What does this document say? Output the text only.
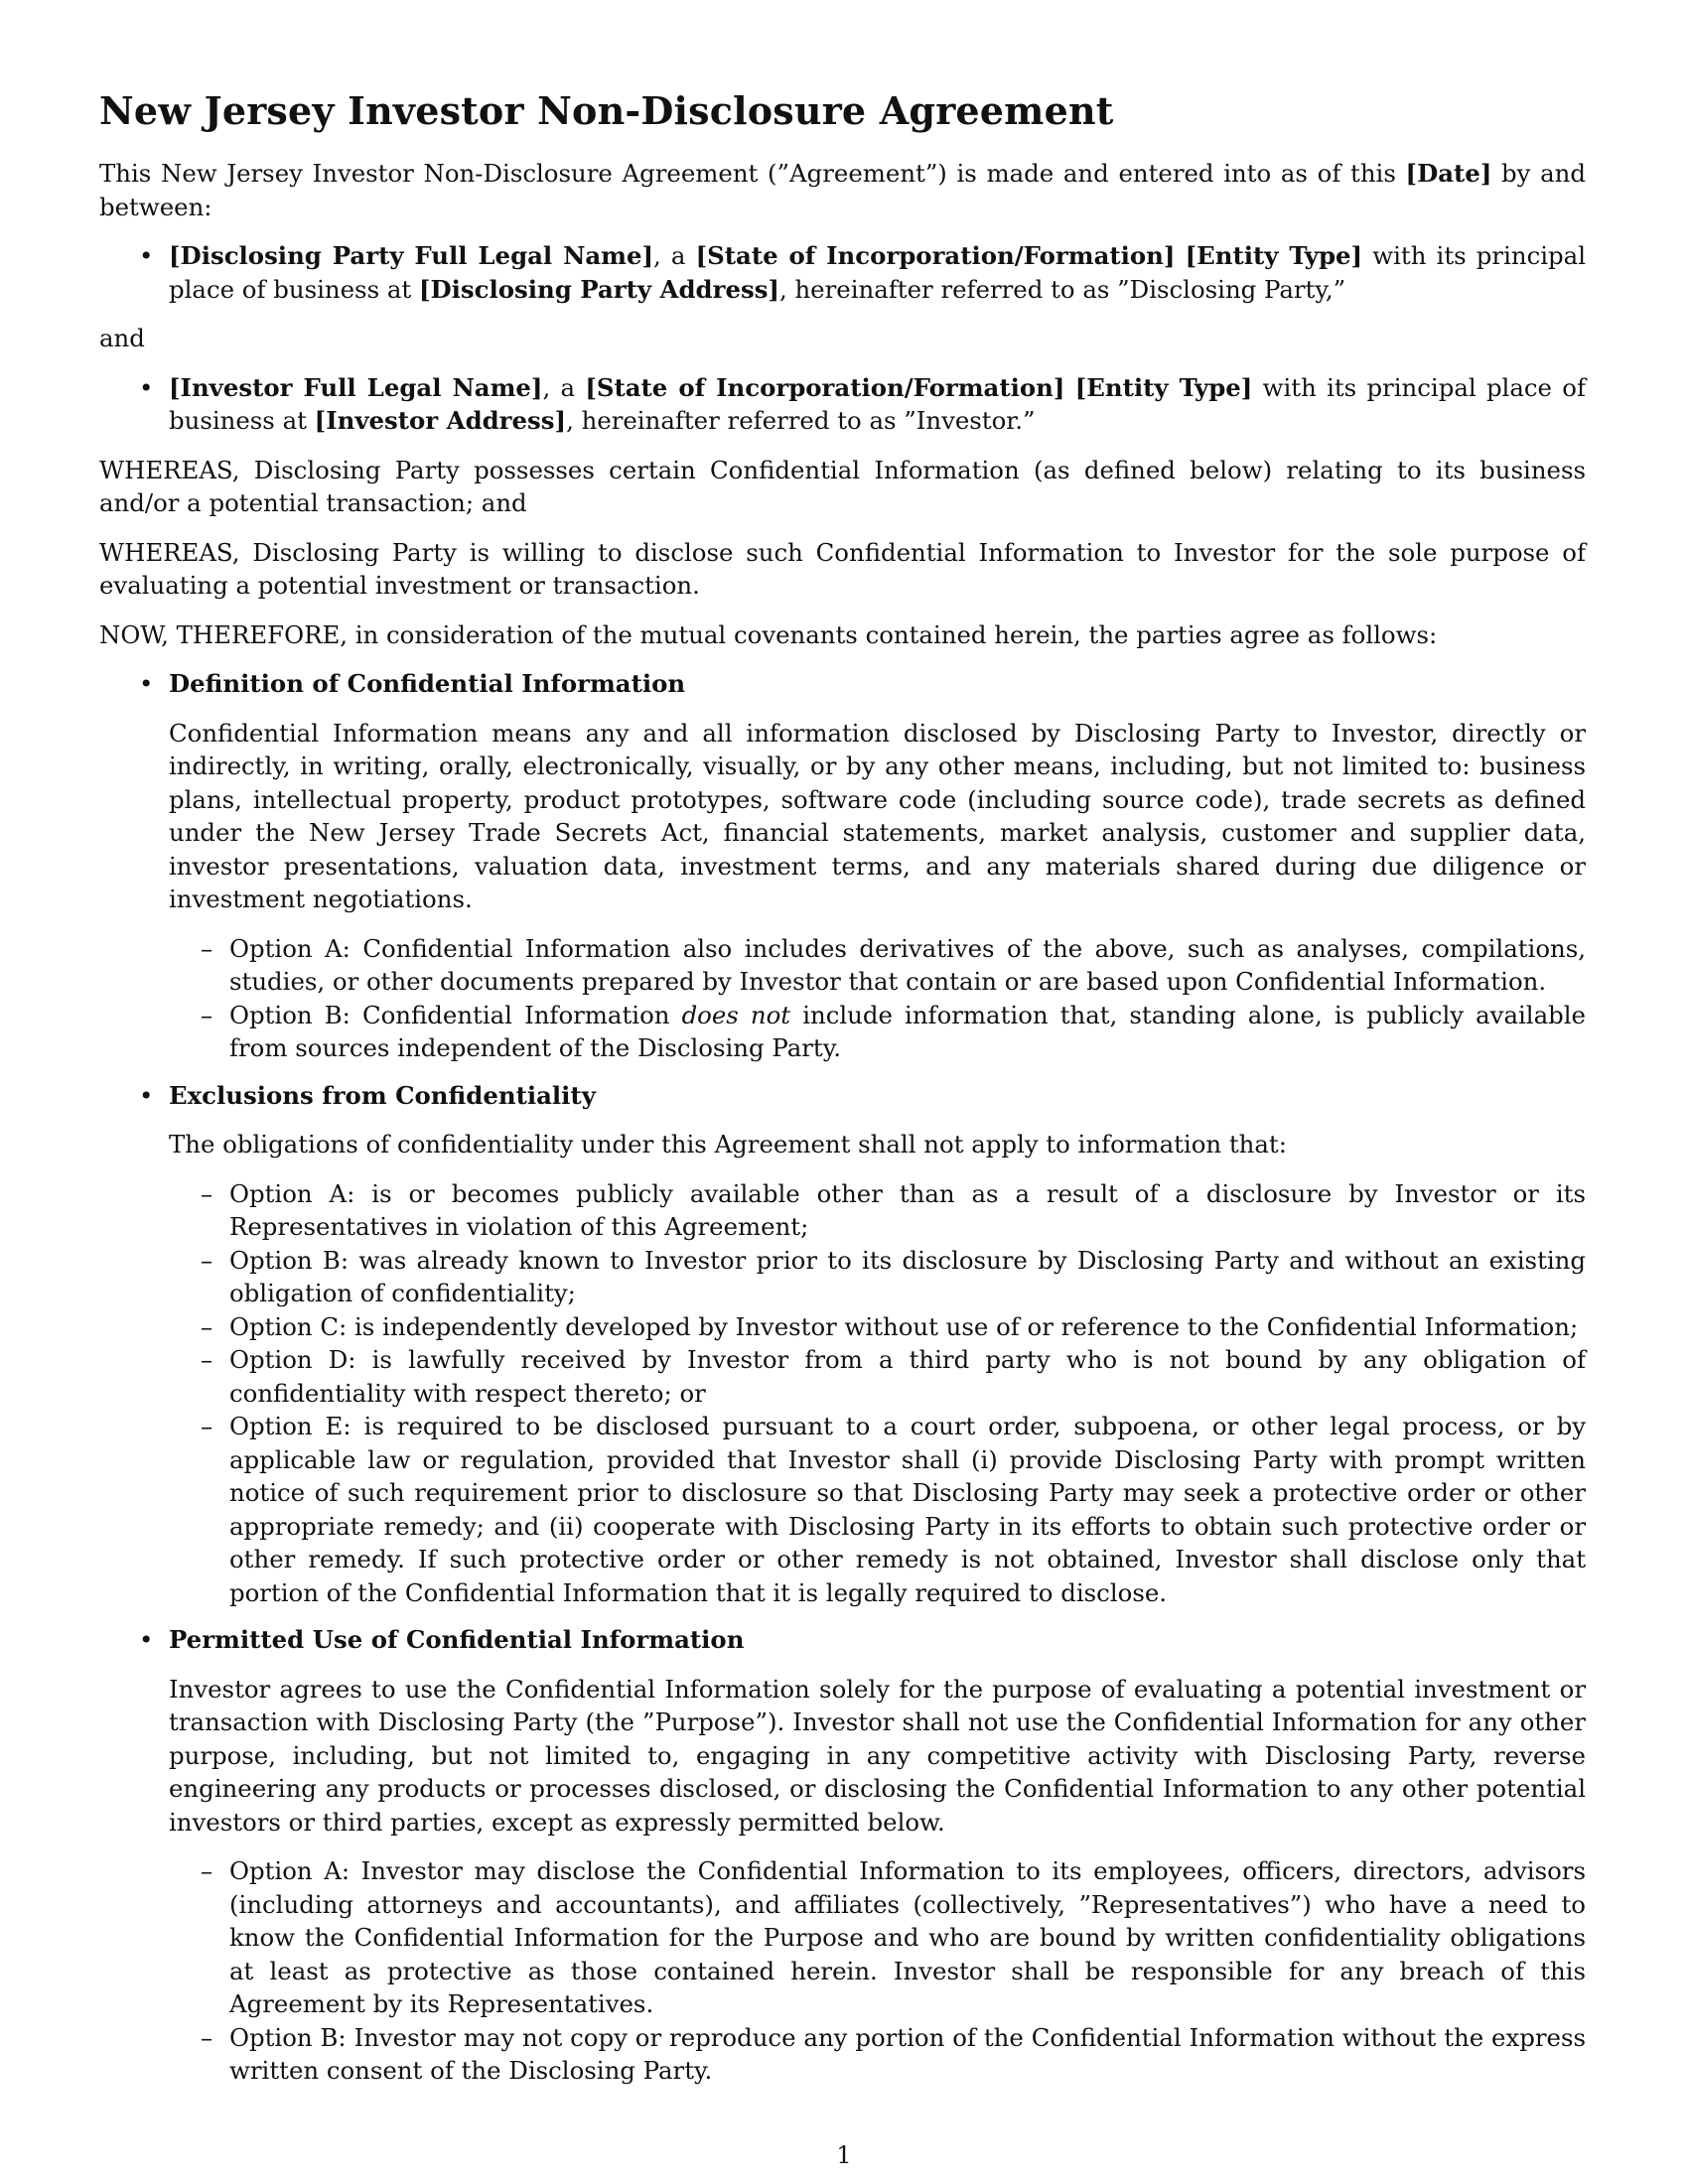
New Jersey Investor Non-Disclosure Agreement

This New Jersey Investor Non-Disclosure Agreement (”Agreement”) is made and entered into as of this [Date] by and between:

• [Disclosing Party Full Legal Name], a [State of Incorporation/Formation] [Entity Type] with its principal place of business at [Disclosing Party Address], hereinafter referred to as ”Disclosing Party,”
and
• [Investor Full Legal Name], a [State of Incorporation/Formation] [Entity Type] with its principal place of business at [Investor Address], hereinafter referred to as ”Investor.”

WHEREAS, Disclosing Party possesses certain Confidential Information (as defined below) relating to its business and/or a potential transaction; and

WHEREAS, Disclosing Party is willing to disclose such Confidential Information to Investor for the sole purpose of evaluating a potential investment or transaction.

NOW, THEREFORE, in consideration of the mutual covenants contained herein, the parties agree as follows:

• Definition of Confidential Information
Confidential Information means any and all information disclosed by Disclosing Party to Investor, directly or indirectly, in writing, orally, electronically, visually, or by any other means, including, but not limited to: business plans, intellectual property, product prototypes, software code (including source code), trade secrets as defined under the New Jersey Trade Secrets Act, financial statements, market analysis, customer and supplier data, investor presentations, valuation data, investment terms, and any materials shared during due diligence or investment negotiations.
– Option A: Confidential Information also includes derivatives of the above, such as analyses, compilations, studies, or other documents prepared by Investor that contain or are based upon Confidential Information.
– Option B: Confidential Information does not include information that, standing alone, is publicly available from sources independent of the Disclosing Party.
• Exclusions from Confidentiality
The obligations of confidentiality under this Agreement shall not apply to information that:
– Option A: is or becomes publicly available other than as a result of a disclosure by Investor or its Representatives in violation of this Agreement;
– Option B: was already known to Investor prior to its disclosure by Disclosing Party and without an existing obligation of confidentiality;
– Option C: is independently developed by Investor without use of or reference to the Confidential Information;
– Option D: is lawfully received by Investor from a third party who is not bound by any obligation of confidentiality with respect thereto; or
– Option E: is required to be disclosed pursuant to a court order, subpoena, or other legal process, or by applicable law or regulation, provided that Investor shall (i) provide Disclosing Party with prompt written notice of such requirement prior to disclosure so that Disclosing Party may seek a protective order or other appropriate remedy; and (ii) cooperate with Disclosing Party in its efforts to obtain such protective order or other remedy. If such protective order or other remedy is not obtained, Investor shall disclose only that portion of the Confidential Information that it is legally required to disclose.
• Permitted Use of Confidential Information
Investor agrees to use the Confidential Information solely for the purpose of evaluating a potential investment or transaction with Disclosing Party (the ”Purpose”). Investor shall not use the Confidential Information for any other purpose, including, but not limited to, engaging in any competitive activity with Disclosing Party, reverse engineering any products or processes disclosed, or disclosing the Confidential Information to any other potential investors or third parties, except as expressly permitted below.
– Option A: Investor may disclose the Confidential Information to its employees, officers, directors, advisors (including attorneys and accountants), and affiliates (collectively, ”Representatives”) who have a need to know the Confidential Information for the Purpose and who are bound by written confidentiality obligations at least as protective as those contained herein. Investor shall be responsible for any breach of this Agreement by its Representatives.
– Option B: Investor may not copy or reproduce any portion of the Confidential Information without the express written consent of the Disclosing Party.
1
